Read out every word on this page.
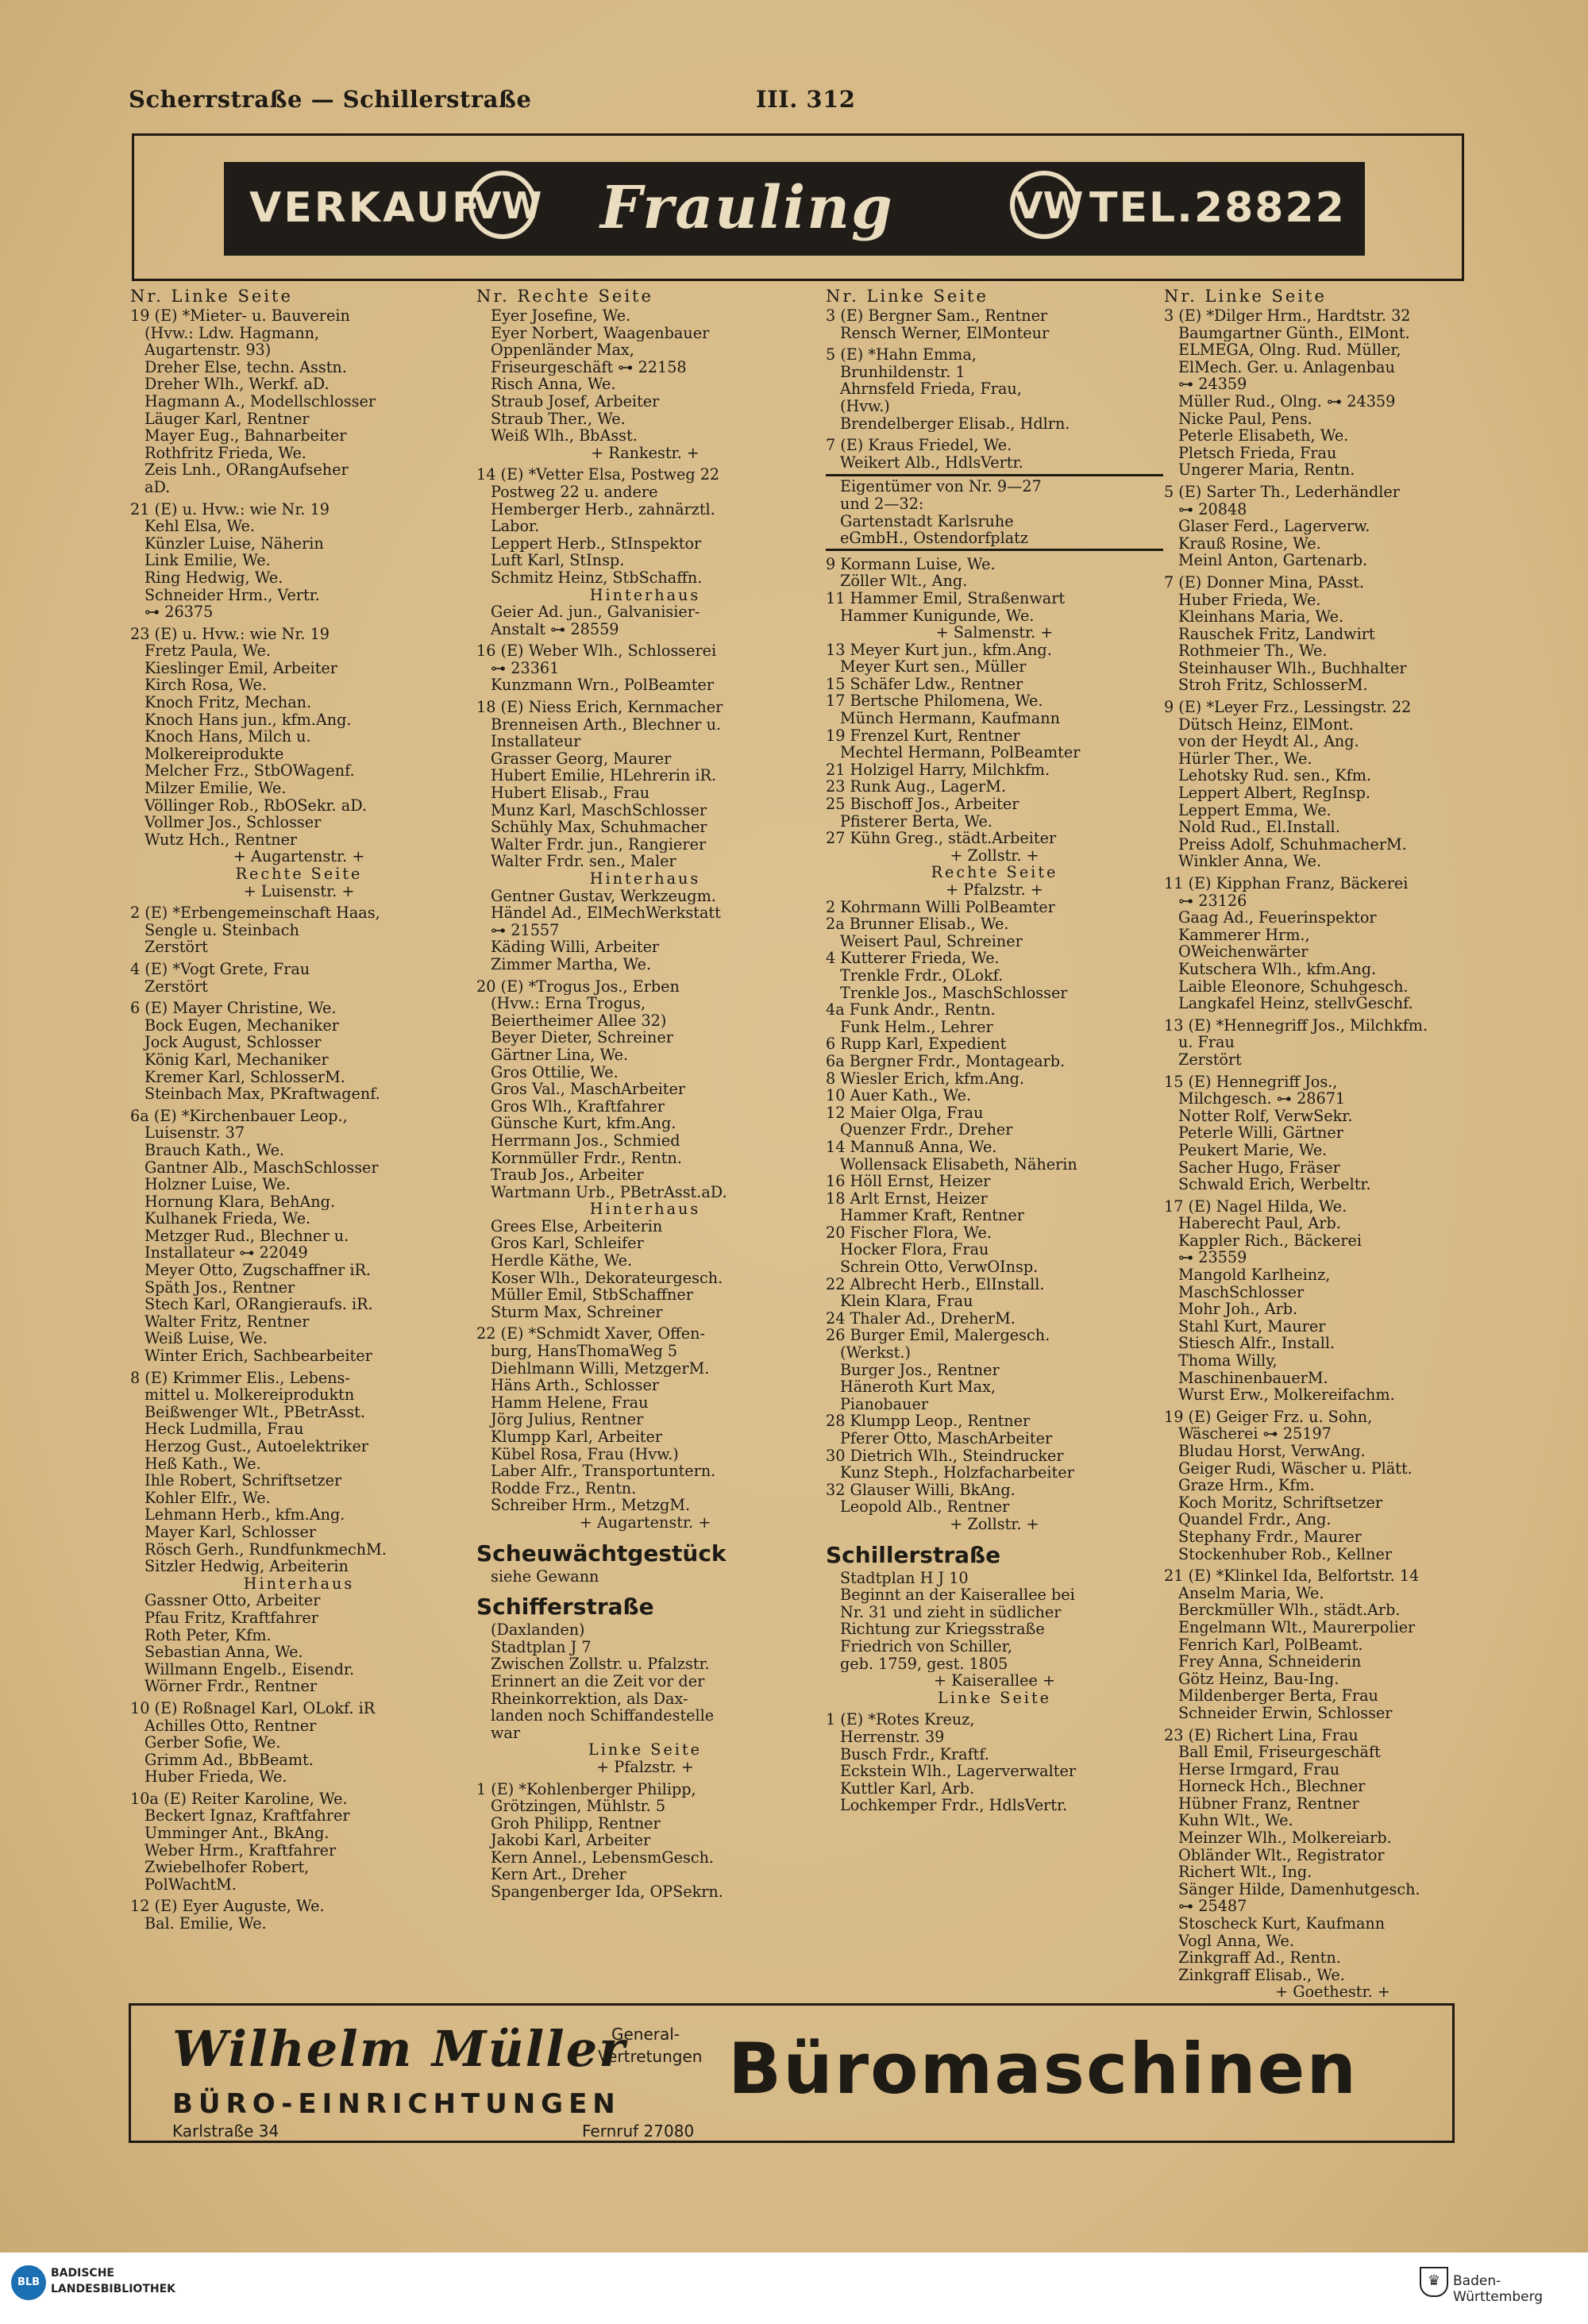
Scherrstraße — Schillerstraße	III. 312
VERKAUF
VW Frauling	VW TEL.28822
Nr. Linke Seite
19 (E) *Mieter- u. Bauverein
(Hvw.: Ldw. Hagmann,
Augartenstr. 93)
Dreher Else, techn. Asstn.
Dreher Wlh., Werkf. aD.
Hagmann A., Modellschlosser
Läuger Karl, Rentner
Mayer Eug., Bahnarbeiter
Rothfritz Frieda, We.
Zeis Lnh., ORangAufseher
aD.
21 (E) u. Hvw.: wie Nr. 19
Kehl Elsa, We.
Künzler Luise, Näherin
Link Emilie, We.
Ring Hedwig, We.
Schneider Hrm., Vertr.
⊶ 26375
23 (E) u. Hvw.: wie Nr. 19
Fretz Paula, We.
Kieslinger Emil, Arbeiter
Kirch Rosa, We.
Knoch Fritz, Mechan.
Knoch Hans jun., kfm.Ang.
Knoch Hans, Milch u.
Molkereiprodukte
Melcher Frz., StbOWagenf.
Milzer Emilie, We.
Völlinger Rob., RbOSekr. aD.
Vollmer Jos., Schlosser
Wutz Hch., Rentner
+ Augartenstr. +
Rechte Seite
+ Luisenstr. +
2 (E) *Erbengemeinschaft Haas,
Sengle u. Steinbach
Zerstört
4 (E) *Vogt Grete, Frau
Zerstört
6 (E) Mayer Christine, We.
Bock Eugen, Mechaniker
Jock August, Schlosser
König Karl, Mechaniker
Kremer Karl, SchlosserM.
Steinbach Max, PKraftwagenf.
6a (E) *Kirchenbauer Leop.,
Luisenstr. 37
Brauch Kath., We.
Gantner Alb., MaschSchlosser
Holzner Luise, We.
Hornung Klara, BehAng.
Kulhanek Frieda, We.
Metzger Rud., Blechner u.
Installateur ⊶ 22049
Meyer Otto, Zugschaffner iR.
Späth Jos., Rentner
Stech Karl, ORangieraufs. iR.
Walter Fritz, Rentner
Weiß Luise, We.
Winter Erich, Sachbearbeiter
8 (E) Krimmer Elis., Lebens-
mittel u. Molkereiproduktn
Beißwenger Wlt., PBetrAsst.
Heck Ludmilla, Frau
Herzog Gust., Autoelektriker
Heß Kath., We.
Ihle Robert, Schriftsetzer
Kohler Elfr., We.
Lehmann Herb., kfm.Ang.
Mayer Karl, Schlosser
Rösch Gerh., RundfunkmechM.
Sitzler Hedwig, Arbeiterin
Hinterhaus
Gassner Otto, Arbeiter
Pfau Fritz, Kraftfahrer
Roth Peter, Kfm.
Sebastian Anna, We.
Willmann Engelb., Eisendr.
Wörner Frdr., Rentner
10 (E) Roßnagel Karl, OLokf. iR
Achilles Otto, Rentner
Gerber Sofie, We.
Grimm Ad., BbBeamt.
Huber Frieda, We.
10a (E) Reiter Karoline, We.
Beckert Ignaz, Kraftfahrer
Umminger Ant., BkAng.
Weber Hrm., Kraftfahrer
Zwiebelhofer Robert,
PolWachtM.
12 (E) Eyer Auguste, We.
Bal. Emilie, We.
Nr. Rechte Seite
Eyer Josefine, We.
Eyer Norbert, Waagenbauer
Oppenländer Max,
Friseurgeschäft ⊶ 22158
Risch Anna, We.
Straub Josef, Arbeiter
Straub Ther., We.
Weiß Wlh., BbAsst.
+ Rankestr. +
14 (E) *Vetter Elsa, Postweg 22
Postweg 22 u. andere
Hemberger Herb., zahnärztl.
Labor.
Leppert Herb., StInspektor
Luft Karl, StInsp.
Schmitz Heinz, StbSchaffn.
Hinterhaus
Geier Ad. jun., Galvanisier-
Anstalt ⊶ 28559
16 (E) Weber Wlh., Schlosserei
⊶ 23361
Kunzmann Wrn., PolBeamter
18 (E) Niess Erich, Kernmacher
Brenneisen Arth., Blechner u.
Installateur
Grasser Georg, Maurer
Hubert Emilie, HLehrerin iR.
Hubert Elisab., Frau
Munz Karl, MaschSchlosser
Schühly Max, Schuhmacher
Walter Frdr. jun., Rangierer
Walter Frdr. sen., Maler
Hinterhaus
Gentner Gustav, Werkzeugm.
Händel Ad., ElMechWerkstatt
⊶ 21557
Käding Willi, Arbeiter
Zimmer Martha, We.
20 (E) *Trogus Jos., Erben
(Hvw.: Erna Trogus,
Beiertheimer Allee 32)
Beyer Dieter, Schreiner
Gärtner Lina, We.
Gros Ottilie, We.
Gros Val., MaschArbeiter
Gros Wlh., Kraftfahrer
Günsche Kurt, kfm.Ang.
Herrmann Jos., Schmied
Kornmüller Frdr., Rentn.
Traub Jos., Arbeiter
Wartmann Urb., PBetrAsst.aD.
Hinterhaus
Grees Else, Arbeiterin
Gros Karl, Schleifer
Herdle Käthe, We.
Koser Wlh., Dekorateurgesch.
Müller Emil, StbSchaffner
Sturm Max, Schreiner
22 (E) *Schmidt Xaver, Offen-
burg, HansThomaWeg 5
Diehlmann Willi, MetzgerM.
Häns Arth., Schlosser
Hamm Helene, Frau
Jörg Julius, Rentner
Klumpp Karl, Arbeiter
Kübel Rosa, Frau (Hvw.)
Laber Alfr., Transportuntern.
Rodde Frz., Rentn.
Schreiber Hrm., MetzgM.
+ Augartenstr. +
Scheuwächtgestück
siehe Gewann
Schifferstraße
(Daxlanden)
Stadtplan J 7
Zwischen Zollstr. u. Pfalzstr.
Erinnert an die Zeit vor der
Rheinkorrektion, als Dax-
landen noch Schiffandestelle
war
Linke Seite
+ Pfalzstr. +
1 (E) *Kohlenberger Philipp,
Grötzingen, Mühlstr. 5
Groh Philipp, Rentner
Jakobi Karl, Arbeiter
Kern Annel., LebensmGesch.
Kern Art., Dreher
Spangenberger Ida, OPSekrn.
Nr. Linke Seite
3 (E) Bergner Sam., Rentner
Rensch Werner, ElMonteur
5 (E) *Hahn Emma,
Brunhildenstr. 1
Ahrnsfeld Frieda, Frau,
(Hvw.)
Brendelberger Elisab., Hdlrn.
7 (E) Kraus Friedel, We.
Weikert Alb., HdlsVertr.
Eigentümer von Nr. 9—27
und 2—32:
Gartenstadt Karlsruhe
eGmbH., Ostendorfplatz
9 Kormann Luise, We.
Zöller Wlt., Ang.
11 Hammer Emil, Straßenwart
Hammer Kunigunde, We.
+ Salmenstr. +
13 Meyer Kurt jun., kfm.Ang.
Meyer Kurt sen., Müller
15 Schäfer Ldw., Rentner
17 Bertsche Philomena, We.
Münch Hermann, Kaufmann
19 Frenzel Kurt, Rentner
Mechtel Hermann, PolBeamter
21 Holzigel Harry, Milchkfm.
23 Runk Aug., LagerM.
25 Bischoff Jos., Arbeiter
Pfisterer Berta, We.
27 Kühn Greg., städt.Arbeiter
+ Zollstr. +
Rechte Seite
+ Pfalzstr. +
2 Kohrmann Willi PolBeamter
2a Brunner Elisab., We.
Weisert Paul, Schreiner
4 Kutterer Frieda, We.
Trenkle Frdr., OLokf.
Trenkle Jos., MaschSchlosser
4a Funk Andr., Rentn.
Funk Helm., Lehrer
6 Rupp Karl, Expedient
6a Bergner Frdr., Montagearb.
8 Wiesler Erich, kfm.Ang.
10 Auer Kath., We.
12 Maier Olga, Frau
Quenzer Frdr., Dreher
14 Mannuß Anna, We.
Wollensack Elisabeth, Näherin
16 Höll Ernst, Heizer
18 Arlt Ernst, Heizer
Hammer Kraft, Rentner
20 Fischer Flora, We.
Hocker Flora, Frau
Schrein Otto, VerwOInsp.
22 Albrecht Herb., ElInstall.
Klein Klara, Frau
24 Thaler Ad., DreherM.
26 Burger Emil, Malergesch.
(Werkst.)
Burger Jos., Rentner
Häneroth Kurt Max,
Pianobauer
28 Klumpp Leop., Rentner
Pferer Otto, MaschArbeiter
30 Dietrich Wlh., Steindrucker
Kunz Steph., Holzfacharbeiter
32 Glauser Willi, BkAng.
Leopold Alb., Rentner
+ Zollstr. +
Schillerstraße
Stadtplan H J 10
Beginnt an der Kaiserallee bei
Nr. 31 und zieht in südlicher
Richtung zur Kriegsstraße
Friedrich von Schiller,
geb. 1759, gest. 1805
+ Kaiserallee +
Linke Seite
1 (E) *Rotes Kreuz,
Herrenstr. 39
Busch Frdr., Kraftf.
Eckstein Wlh., Lagerverwalter
Kuttler Karl, Arb.
Lochkemper Frdr., HdlsVertr.
Nr. Linke Seite
3 (E) *Dilger Hrm., Hardtstr. 32
Baumgartner Günth., ElMont.
ELMEGA, Olng. Rud. Müller,
ElMech. Ger. u. Anlagenbau
⊶ 24359
Müller Rud., Olng. ⊶ 24359
Nicke Paul, Pens.
Peterle Elisabeth, We.
Pletsch Frieda, Frau
Ungerer Maria, Rentn.
5 (E) Sarter Th., Lederhändler
⊶ 20848
Glaser Ferd., Lagerverw.
Krauß Rosine, We.
Meinl Anton, Gartenarb.
7 (E) Donner Mina, PAsst.
Huber Frieda, We.
Kleinhans Maria, We.
Rauschek Fritz, Landwirt
Rothmeier Th., We.
Steinhauser Wlh., Buchhalter
Stroh Fritz, SchlosserM.
9 (E) *Leyer Frz., Lessingstr. 22
Dütsch Heinz, ElMont.
von der Heydt Al., Ang.
Hürler Ther., We.
Lehotsky Rud. sen., Kfm.
Leppert Albert, RegInsp.
Leppert Emma, We.
Nold Rud., El.Install.
Preiss Adolf, SchuhmacherM.
Winkler Anna, We.
11 (E) Kipphan Franz, Bäckerei
⊶ 23126
Gaag Ad., Feuerinspektor
Kammerer Hrm.,
OWeichenwärter
Kutschera Wlh., kfm.Ang.
Laible Eleonore, Schuhgesch.
Langkafel Heinz, stellvGeschf.
13 (E) *Hennegriff Jos., Milchkfm.
u. Frau
Zerstört
15 (E) Hennegriff Jos.,
Milchgesch. ⊶ 28671
Notter Rolf, VerwSekr.
Peterle Willi, Gärtner
Peukert Marie, We.
Sacher Hugo, Fräser
Schwald Erich, Werbeltr.
17 (E) Nagel Hilda, We.
Haberecht Paul, Arb.
Kappler Rich., Bäckerei
⊶ 23559
Mangold Karlheinz,
MaschSchlosser
Mohr Joh., Arb.
Stahl Kurt, Maurer
Stiesch Alfr., Install.
Thoma Willy,
MaschinenbauerM.
Wurst Erw., Molkereifachm.
19 (E) Geiger Frz. u. Sohn,
Wäscherei ⊶ 25197
Bludau Horst, VerwAng.
Geiger Rudi, Wäscher u. Plätt.
Graze Hrm., Kfm.
Koch Moritz, Schriftsetzer
Quandel Frdr., Ang.
Stephany Frdr., Maurer
Stockenhuber Rob., Kellner
21 (E) *Klinkel Ida, Belfortstr. 14
Anselm Maria, We.
Berckmüller Wlh., städt.Arb.
Engelmann Wlt., Maurerpolier
Fenrich Karl, PolBeamt.
Frey Anna, Schneiderin
Götz Heinz, Bau-Ing.
Mildenberger Berta, Frau
Schneider Erwin, Schlosser
23 (E) Richert Lina, Frau
Ball Emil, Friseurgeschäft
Herse Irmgard, Frau
Horneck Hch., Blechner
Hübner Franz, Rentner
Kuhn Wlt., We.
Meinzer Wlh., Molkereiarb.
Obländer Wlt., Registrator
Richert Wlt., Ing.
Sänger Hilde, Damenhutgesch.
⊶ 25487
Stoscheck Kurt, Kaufmann
Vogl Anna, We.
Zinkgraff Ad., Rentn.
Zinkgraff Elisab., We.
+ Goethestr. +
Wilhelm Müller
General-
Vertretungen Büromaschinen
BÜRO-EINRICHTUNGEN
Karlstraße 34	Fernruf 27080
BLB
BADISCHE
LANDESBIBLIOTHEK	♛ Baden-Württemberg
